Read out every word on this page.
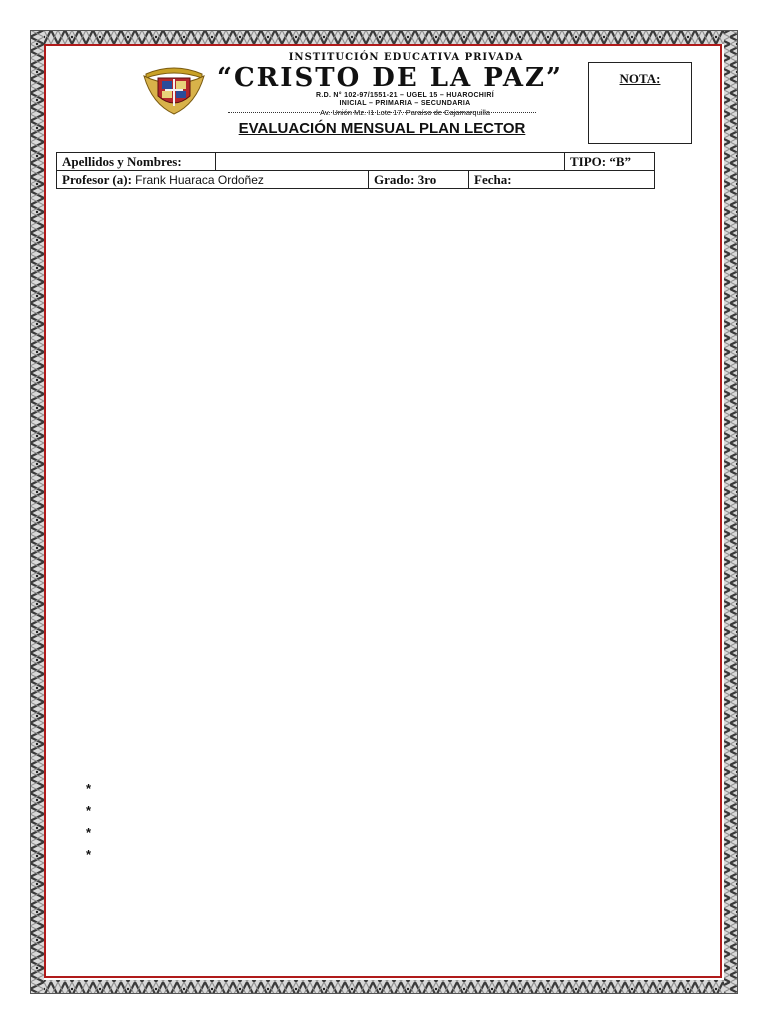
INSTITUCIÓN EDUCATIVA PRIVADA
“CRISTO DE LA PAZ”
R.D. N° 102-97/1551-21 – UGEL 15 – HUAROCHIRÍ
INICIAL – PRIMARIA – SECUNDARIA
Av. Unión Mz. I1 Lote 17. Paraíso de Cajamarquilla
EVALUACIÓN MENSUAL PLAN LECTOR
NOTA:
Apellidos y Nombres:				TIPO: “B”
Profesor (a): Frank Huaraca Ordoñez		Grado: 3ro	Fecha:	
*
*
*
*
